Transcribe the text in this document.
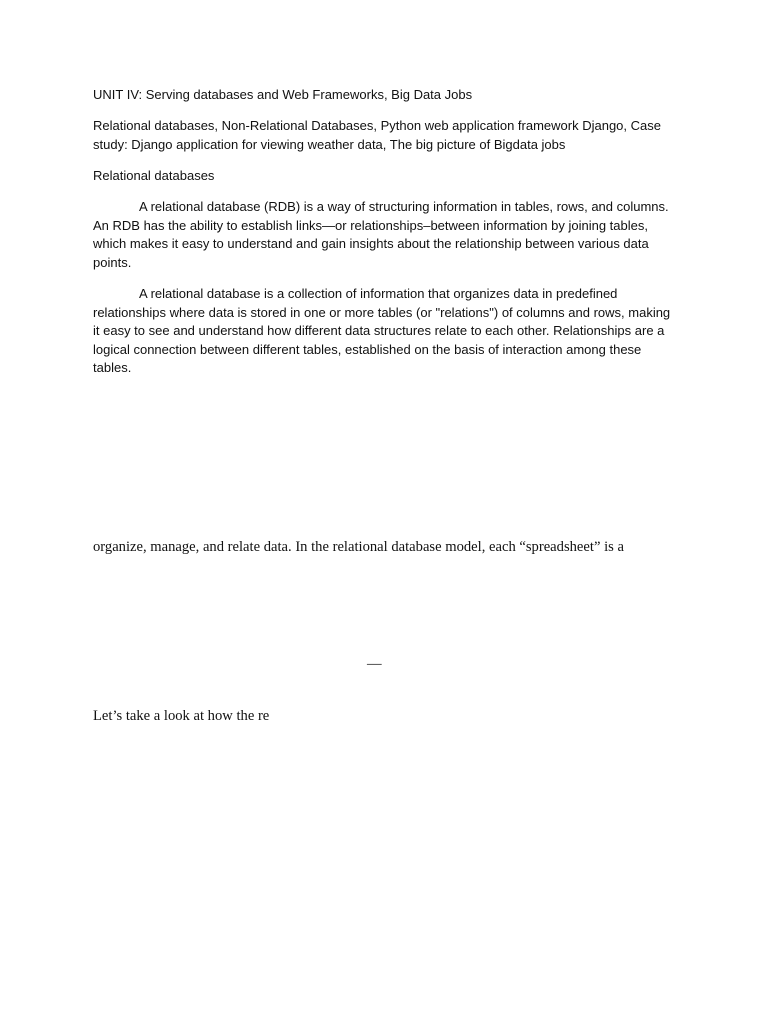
UNIT IV: Serving databases and Web Frameworks, Big Data Jobs

Relational databases, Non-Relational Databases, Python web application framework Django, Case study: Django application for viewing weather data, The big picture of Bigdata jobs

Relational databases

A relational database (RDB) is a way of structuring information in tables, rows, and columns. An RDB has the ability to establish links—or relationships–between information by joining tables, which makes it easy to understand and gain insights about the relationship between various data points.

A relational database is a collection of information that organizes data in predefined relationships where data is stored in one or more tables (or "relations") of columns and rows, making it easy to see and understand how different data structures relate to each other. Relationships are a logical connection between different tables, established on the basis of interaction among these tables.

organize, manage, and relate data. In the relational database model, each “spreadsheet” is a

—

Let’s take a look at how the re
